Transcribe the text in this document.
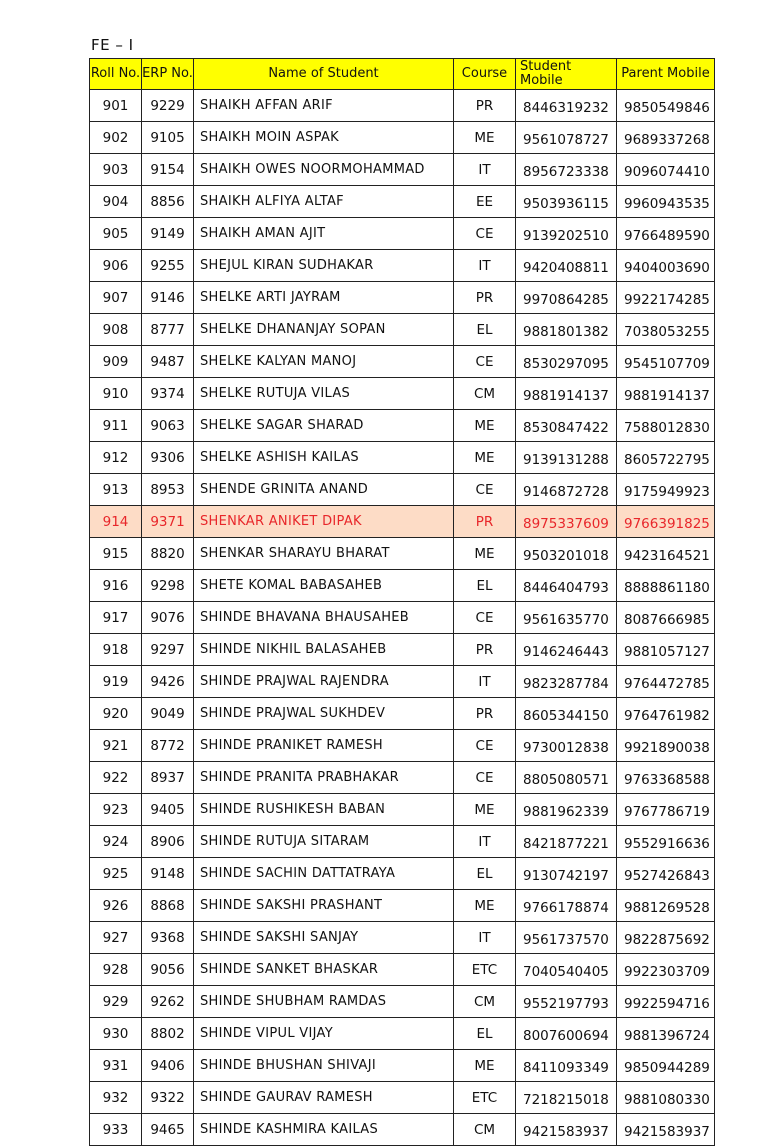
FE – I
Roll No.	ERP No.	Name of Student	Course	Student Mobile	Parent Mobile
901	9229	SHAIKH AFFAN ARIF	PR	8446319232	9850549846
902	9105	SHAIKH MOIN ASPAK	ME	9561078727	9689337268
903	9154	SHAIKH OWES NOORMOHAMMAD	IT	8956723338	9096074410
904	8856	SHAIKH ALFIYA ALTAF	EE	9503936115	9960943535
905	9149	SHAIKH AMAN AJIT	CE	9139202510	9766489590
906	9255	SHEJUL KIRAN SUDHAKAR	IT	9420408811	9404003690
907	9146	SHELKE ARTI JAYRAM	PR	9970864285	9922174285
908	8777	SHELKE DHANANJAY SOPAN	EL	9881801382	7038053255
909	9487	SHELKE KALYAN MANOJ	CE	8530297095	9545107709
910	9374	SHELKE RUTUJA VILAS	CM	9881914137	9881914137
911	9063	SHELKE SAGAR SHARAD	ME	8530847422	7588012830
912	9306	SHELKE ASHISH KAILAS	ME	9139131288	8605722795
913	8953	SHENDE GRINITA ANAND	CE	9146872728	9175949923
914	9371	SHENKAR ANIKET DIPAK	PR	8975337609	9766391825
915	8820	SHENKAR SHARAYU BHARAT	ME	9503201018	9423164521
916	9298	SHETE KOMAL BABASAHEB	EL	8446404793	8888861180
917	9076	SHINDE BHAVANA BHAUSAHEB	CE	9561635770	8087666985
918	9297	SHINDE NIKHIL BALASAHEB	PR	9146246443	9881057127
919	9426	SHINDE PRAJWAL RAJENDRA	IT	9823287784	9764472785
920	9049	SHINDE PRAJWAL SUKHDEV	PR	8605344150	9764761982
921	8772	SHINDE PRANIKET RAMESH	CE	9730012838	9921890038
922	8937	SHINDE PRANITA PRABHAKAR	CE	8805080571	9763368588
923	9405	SHINDE RUSHIKESH BABAN	ME	9881962339	9767786719
924	8906	SHINDE RUTUJA SITARAM	IT	8421877221	9552916636
925	9148	SHINDE SACHIN DATTATRAYA	EL	9130742197	9527426843
926	8868	SHINDE SAKSHI PRASHANT	ME	9766178874	9881269528
927	9368	SHINDE SAKSHI SANJAY	IT	9561737570	9822875692
928	9056	SHINDE SANKET BHASKAR	ETC	7040540405	9922303709
929	9262	SHINDE SHUBHAM RAMDAS	CM	9552197793	9922594716
930	8802	SHINDE VIPUL VIJAY	EL	8007600694	9881396724
931	9406	SHINDE BHUSHAN SHIVAJI	ME	8411093349	9850944289
932	9322	SHINDE GAURAV RAMESH	ETC	7218215018	9881080330
933	9465	SHINDE KASHMIRA KAILAS	CM	9421583937	9421583937
